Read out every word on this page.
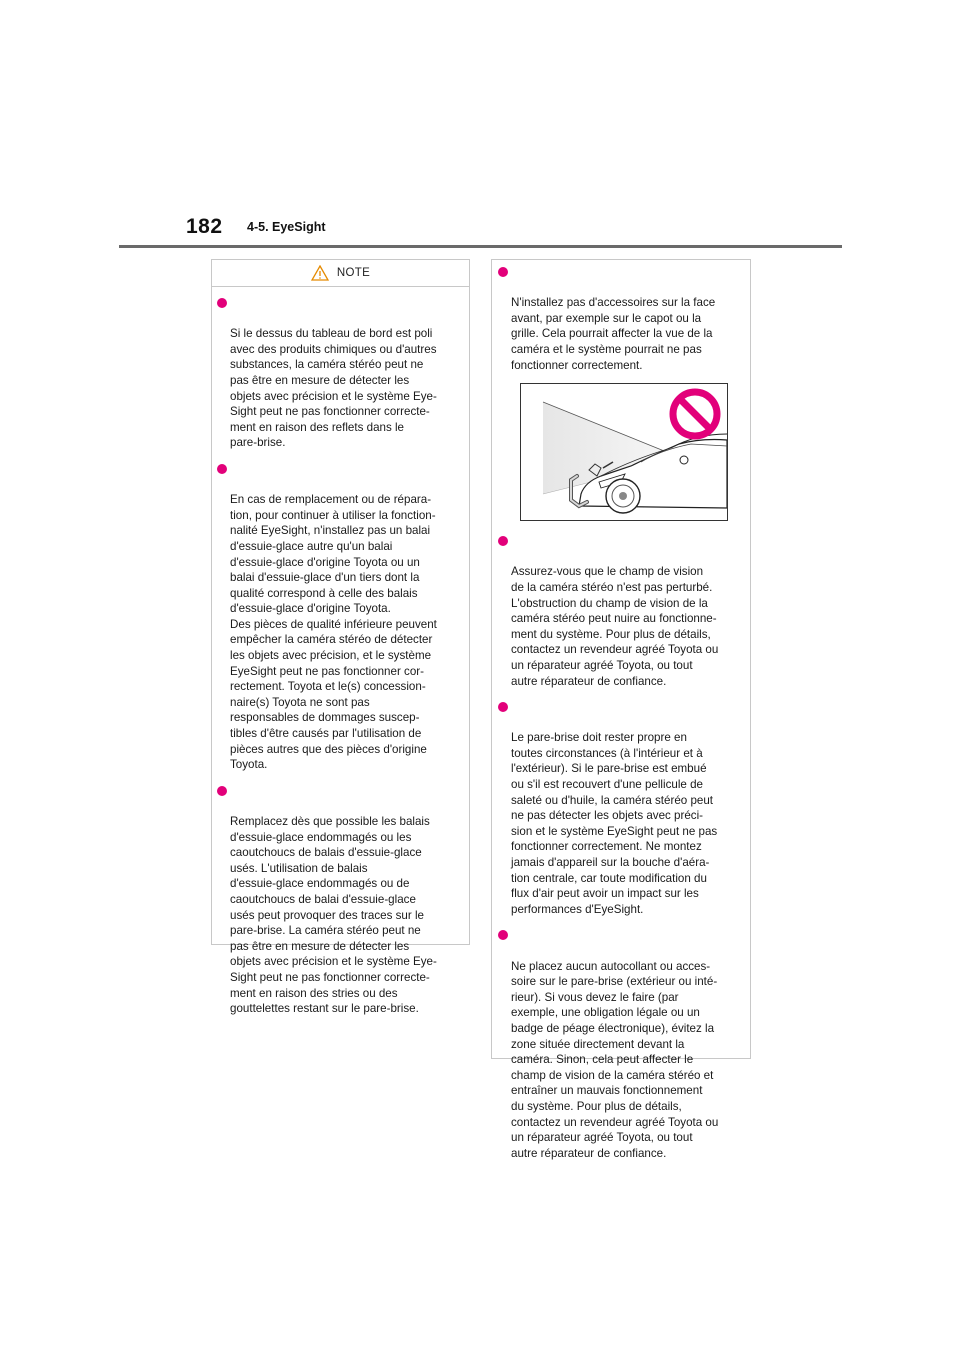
182 4-5. EyeSight
NOTE

Si le dessus du tableau de bord est poli
avec des produits chimiques ou d'autres
substances, la caméra stéréo peut ne
pas être en mesure de détecter les
objets avec précision et le système Eye-
Sight peut ne pas fonctionner correcte-
ment en raison des reflets dans le
pare-brise.

En cas de remplacement ou de répara-
tion, pour continuer à utiliser la fonction-
nalité EyeSight, n'installez pas un balai
d'essuie-glace autre qu'un balai
d'essuie-glace d'origine Toyota ou un
balai d'essuie-glace d'un tiers dont la
qualité correspond à celle des balais
d'essuie-glace d'origine Toyota.
Des pièces de qualité inférieure peuvent
empêcher la caméra stéréo de détecter
les objets avec précision, et le système
EyeSight peut ne pas fonctionner cor-
rectement. Toyota et le(s) concession-
naire(s) Toyota ne sont pas
responsables de dommages suscep-
tibles d'être causés par l'utilisation de
pièces autres que des pièces d'origine
Toyota.

Remplacez dès que possible les balais
d'essuie-glace endommagés ou les
caoutchoucs de balais d'essuie-glace
usés. L'utilisation de balais
d'essuie-glace endommagés ou de
caoutchoucs de balai d'essuie-glace
usés peut provoquer des traces sur le
pare-brise. La caméra stéréo peut ne
pas être en mesure de détecter les
objets avec précision et le système Eye-
Sight peut ne pas fonctionner correcte-
ment en raison des stries ou des
gouttelettes restant sur le pare-brise.

N'installez pas d'accessoires sur la face
avant, par exemple sur le capot ou la
grille. Cela pourrait affecter la vue de la
caméra et le système pourrait ne pas
fonctionner correctement.

Assurez-vous que le champ de vision
de la caméra stéréo n'est pas perturbé.
L'obstruction du champ de vision de la
caméra stéréo peut nuire au fonctionne-
ment du système. Pour plus de détails,
contactez un revendeur agréé Toyota ou
un réparateur agréé Toyota, ou tout
autre réparateur de confiance.

Le pare-brise doit rester propre en
toutes circonstances (à l'intérieur et à
l'extérieur). Si le pare-brise est embué
ou s'il est recouvert d'une pellicule de
saleté ou d'huile, la caméra stéréo peut
ne pas détecter les objets avec préci-
sion et le système EyeSight peut ne pas
fonctionner correctement. Ne montez
jamais d'appareil sur la bouche d'aéra-
tion centrale, car toute modification du
flux d'air peut avoir un impact sur les
performances d'EyeSight.

Ne placez aucun autocollant ou acces-
soire sur le pare-brise (extérieur ou inté-
rieur). Si vous devez le faire (par
exemple, une obligation légale ou un
badge de péage électronique), évitez la
zone située directement devant la
caméra. Sinon, cela peut affecter le
champ de vision de la caméra stéréo et
entraîner un mauvais fonctionnement
du système. Pour plus de détails,
contactez un revendeur agréé Toyota ou
un réparateur agréé Toyota, ou tout
autre réparateur de confiance.
